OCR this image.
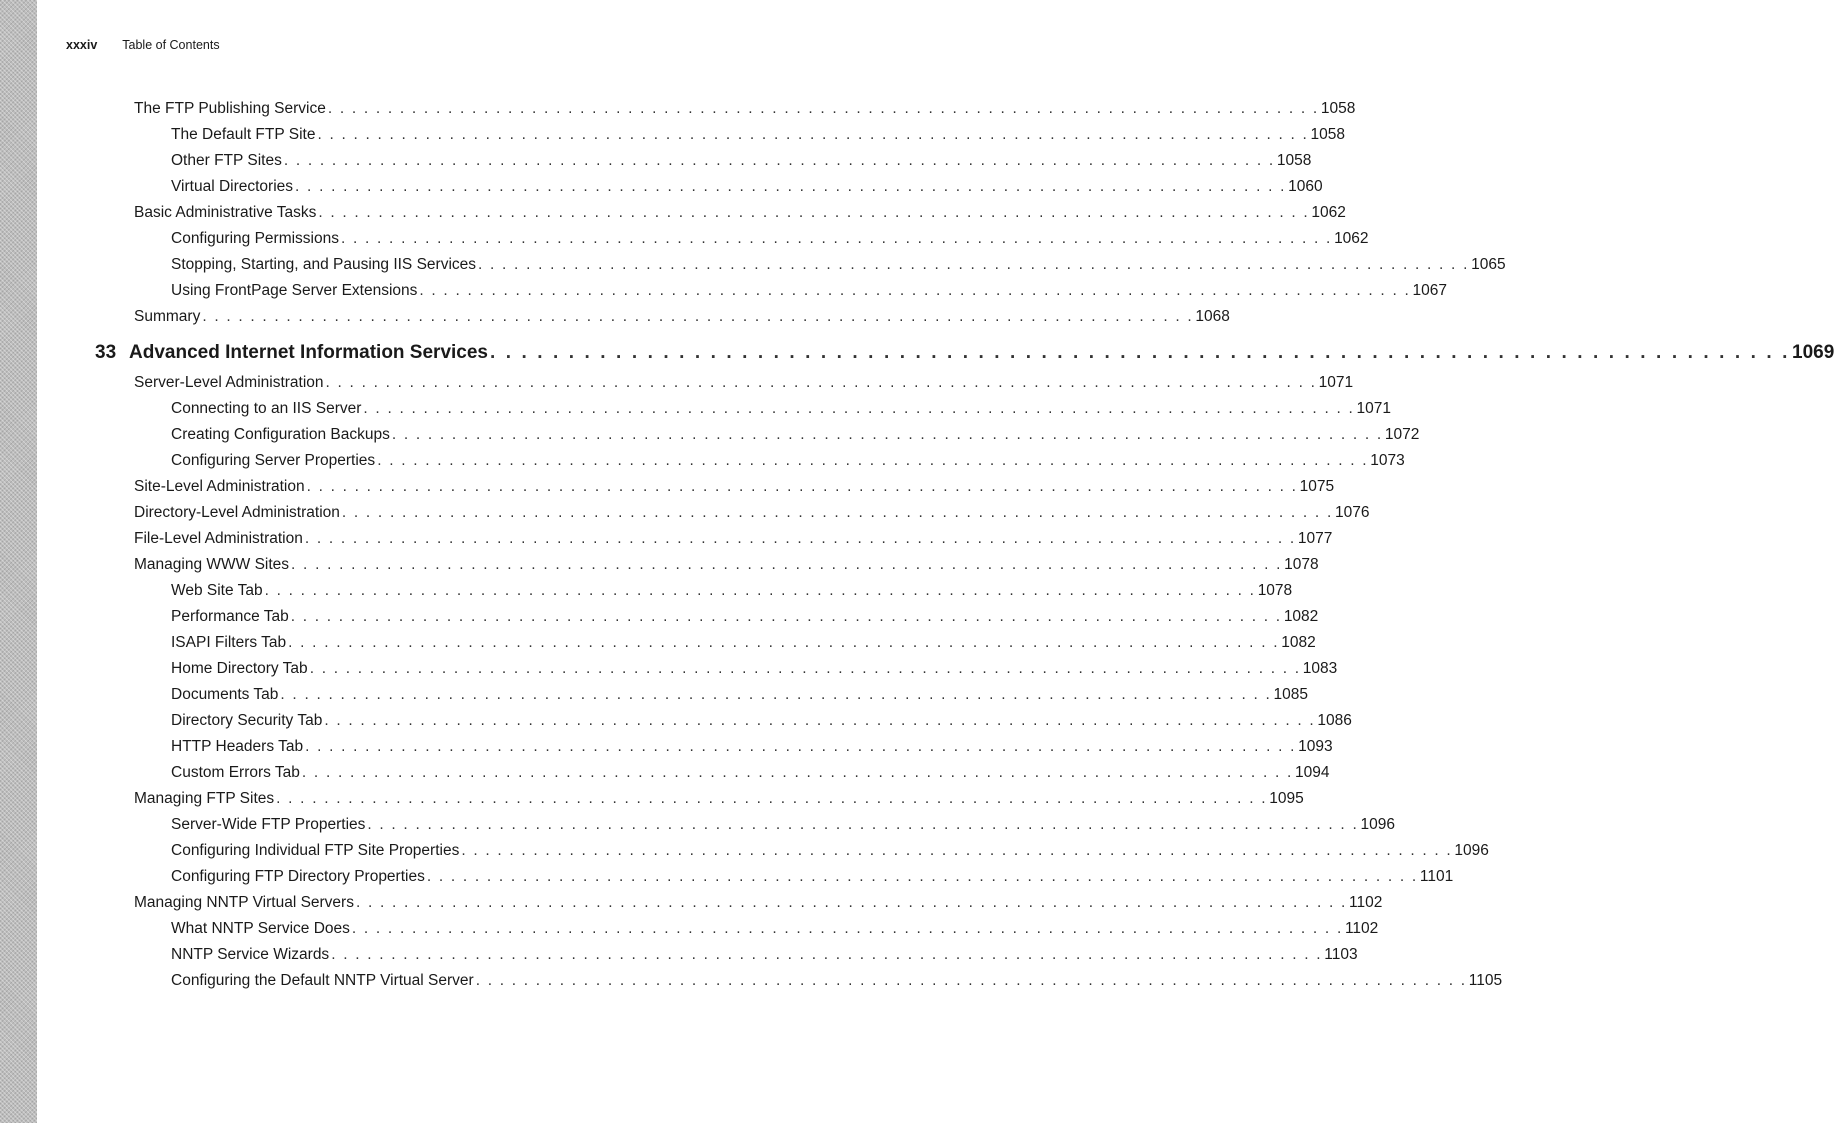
xxxiv Table of Contents
The FTP Publishing Service . . . . . . . . . . . . . . . . . . . . . . . . . . . . . . . . . . . . . . . . . . . . . . . . . . . . . . . . . . . . . . . . . . . . . . . . . . . . . . . . . . . 1058
The Default FTP Site . . . . . . . . . . . . . . . . . . . . . . . . . . . . . . . . . . . . . . . . . . . . . . . . . . . . . . . . . . . . . . . . . . . . . . . . . . . . . . . . . . . 1058
Other FTP Sites . . . . . . . . . . . . . . . . . . . . . . . . . . . . . . . . . . . . . . . . . . . . . . . . . . . . . . . . . . . . . . . . . . . . . . . . . . . . . . . . . . . 1058
Virtual Directories . . . . . . . . . . . . . . . . . . . . . . . . . . . . . . . . . . . . . . . . . . . . . . . . . . . . . . . . . . . . . . . . . . . . . . . . . . . . . . . . . . . 1060
Basic Administrative Tasks . . . . . . . . . . . . . . . . . . . . . . . . . . . . . . . . . . . . . . . . . . . . . . . . . . . . . . . . . . . . . . . . . . . . . . . . . . . . . . . . . . . 1062
Configuring Permissions . . . . . . . . . . . . . . . . . . . . . . . . . . . . . . . . . . . . . . . . . . . . . . . . . . . . . . . . . . . . . . . . . . . . . . . . . . . . . . . . . . . 1062
Stopping, Starting, and Pausing IIS Services . . . . . . . . . . . . . . . . . . . . . . . . . . . . . . . . . . . . . . . . . . . . . . . . . . . . . . . . . . . . . . . . . . . . . . . . . . . . . . . . . . . 1065
Using FrontPage Server Extensions . . . . . . . . . . . . . . . . . . . . . . . . . . . . . . . . . . . . . . . . . . . . . . . . . . . . . . . . . . . . . . . . . . . . . . . . . . . . . . . . . . . 1067
Summary . . . . . . . . . . . . . . . . . . . . . . . . . . . . . . . . . . . . . . . . . . . . . . . . . . . . . . . . . . . . . . . . . . . . . . . . . . . . . . . . . . . 1068
33 Advanced Internet Information Services . . . . . . . . . . . . . . . . . . . . . . . . . . . . . . . . . . . . . . . . . . . . . . . . . . . . . . . . . . . . . . . . . . . . . . . . . . . . . . . . . . . 1069
Server-Level Administration . . . . . . . . . . . . . . . . . . . . . . . . . . . . . . . . . . . . . . . . . . . . . . . . . . . . . . . . . . . . . . . . . . . . . . . . . . . . . . . . . . . 1071
Connecting to an IIS Server . . . . . . . . . . . . . . . . . . . . . . . . . . . . . . . . . . . . . . . . . . . . . . . . . . . . . . . . . . . . . . . . . . . . . . . . . . . . . . . . . . . 1071
Creating Configuration Backups . . . . . . . . . . . . . . . . . . . . . . . . . . . . . . . . . . . . . . . . . . . . . . . . . . . . . . . . . . . . . . . . . . . . . . . . . . . . . . . . . . . 1072
Configuring Server Properties . . . . . . . . . . . . . . . . . . . . . . . . . . . . . . . . . . . . . . . . . . . . . . . . . . . . . . . . . . . . . . . . . . . . . . . . . . . . . . . . . . . 1073
Site-Level Administration . . . . . . . . . . . . . . . . . . . . . . . . . . . . . . . . . . . . . . . . . . . . . . . . . . . . . . . . . . . . . . . . . . . . . . . . . . . . . . . . . . . 1075
Directory-Level Administration . . . . . . . . . . . . . . . . . . . . . . . . . . . . . . . . . . . . . . . . . . . . . . . . . . . . . . . . . . . . . . . . . . . . . . . . . . . . . . . . . . . 1076
File-Level Administration . . . . . . . . . . . . . . . . . . . . . . . . . . . . . . . . . . . . . . . . . . . . . . . . . . . . . . . . . . . . . . . . . . . . . . . . . . . . . . . . . . . 1077
Managing WWW Sites . . . . . . . . . . . . . . . . . . . . . . . . . . . . . . . . . . . . . . . . . . . . . . . . . . . . . . . . . . . . . . . . . . . . . . . . . . . . . . . . . . . 1078
Web Site Tab . . . . . . . . . . . . . . . . . . . . . . . . . . . . . . . . . . . . . . . . . . . . . . . . . . . . . . . . . . . . . . . . . . . . . . . . . . . . . . . . . . . 1078
Performance Tab . . . . . . . . . . . . . . . . . . . . . . . . . . . . . . . . . . . . . . . . . . . . . . . . . . . . . . . . . . . . . . . . . . . . . . . . . . . . . . . . . . . 1082
ISAPI Filters Tab . . . . . . . . . . . . . . . . . . . . . . . . . . . . . . . . . . . . . . . . . . . . . . . . . . . . . . . . . . . . . . . . . . . . . . . . . . . . . . . . . . . 1082
Home Directory Tab . . . . . . . . . . . . . . . . . . . . . . . . . . . . . . . . . . . . . . . . . . . . . . . . . . . . . . . . . . . . . . . . . . . . . . . . . . . . . . . . . . . 1083
Documents Tab . . . . . . . . . . . . . . . . . . . . . . . . . . . . . . . . . . . . . . . . . . . . . . . . . . . . . . . . . . . . . . . . . . . . . . . . . . . . . . . . . . . 1085
Directory Security Tab . . . . . . . . . . . . . . . . . . . . . . . . . . . . . . . . . . . . . . . . . . . . . . . . . . . . . . . . . . . . . . . . . . . . . . . . . . . . . . . . . . . 1086
HTTP Headers Tab . . . . . . . . . . . . . . . . . . . . . . . . . . . . . . . . . . . . . . . . . . . . . . . . . . . . . . . . . . . . . . . . . . . . . . . . . . . . . . . . . . . 1093
Custom Errors Tab . . . . . . . . . . . . . . . . . . . . . . . . . . . . . . . . . . . . . . . . . . . . . . . . . . . . . . . . . . . . . . . . . . . . . . . . . . . . . . . . . . . 1094
Managing FTP Sites . . . . . . . . . . . . . . . . . . . . . . . . . . . . . . . . . . . . . . . . . . . . . . . . . . . . . . . . . . . . . . . . . . . . . . . . . . . . . . . . . . . 1095
Server-Wide FTP Properties . . . . . . . . . . . . . . . . . . . . . . . . . . . . . . . . . . . . . . . . . . . . . . . . . . . . . . . . . . . . . . . . . . . . . . . . . . . . . . . . . . . 1096
Configuring Individual FTP Site Properties . . . . . . . . . . . . . . . . . . . . . . . . . . . . . . . . . . . . . . . . . . . . . . . . . . . . . . . . . . . . . . . . . . . . . . . . . . . . . . . . . . . 1096
Configuring FTP Directory Properties . . . . . . . . . . . . . . . . . . . . . . . . . . . . . . . . . . . . . . . . . . . . . . . . . . . . . . . . . . . . . . . . . . . . . . . . . . . . . . . . . . . 1101
Managing NNTP Virtual Servers . . . . . . . . . . . . . . . . . . . . . . . . . . . . . . . . . . . . . . . . . . . . . . . . . . . . . . . . . . . . . . . . . . . . . . . . . . . . . . . . . . . 1102
What NNTP Service Does . . . . . . . . . . . . . . . . . . . . . . . . . . . . . . . . . . . . . . . . . . . . . . . . . . . . . . . . . . . . . . . . . . . . . . . . . . . . . . . . . . . 1102
NNTP Service Wizards . . . . . . . . . . . . . . . . . . . . . . . . . . . . . . . . . . . . . . . . . . . . . . . . . . . . . . . . . . . . . . . . . . . . . . . . . . . . . . . . . . . 1103
Configuring the Default NNTP Virtual Server . . . . . . . . . . . . . . . . . . . . . . . . . . . . . . . . . . . . . . . . . . . . . . . . . . . . . . . . . . . . . . . . . . . . . . . . . . . . . . . . . . . 1105
